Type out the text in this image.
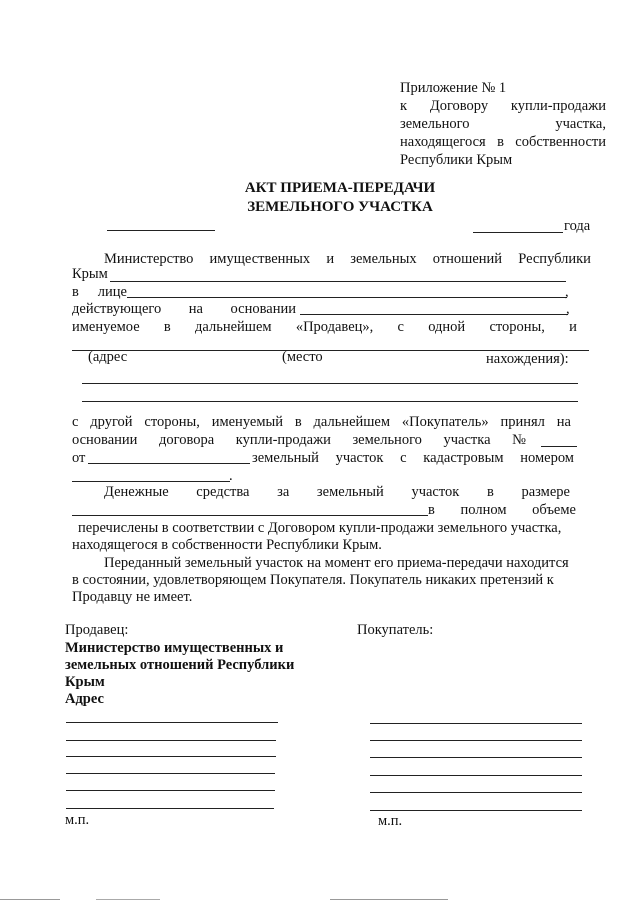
Приложение № 1
к Договору купли-продажи
земельного	участка,
находящегося в собственности
Республики Крым
АКТ ПРИЕМА-ПЕРЕДАЧИ
ЗЕМЕЛЬНОГО УЧАСТКА
года
Министерство имущественных и земельных отношений Республики
Крым
в лице	,
действующего на основании	,
именуемое в дальнейшем «Продавец», с одной стороны, и
(адрес	(место	нахождения):
с другой стороны, именуемый в дальнейшем «Покупатель» принял на
основании договора купли-продажи земельного участка №
от	земельный участок с кадастровым номером
.
Денежные средства за земельный участок в размере
в полном объеме
перечислены в соответствии с Договором купли-продажи земельного участка,
находящегося в собственности Республики Крым.
Переданный земельный участок на момент его приема-передачи находится
в состоянии, удовлетворяющем Покупателя. Покупатель никаких претензий к
Продавцу не имеет.
Продавец:
Министерство имущественных и
земельных отношений Республики
Крым
Адрес
м.п.
Покупатель:
м.п.
